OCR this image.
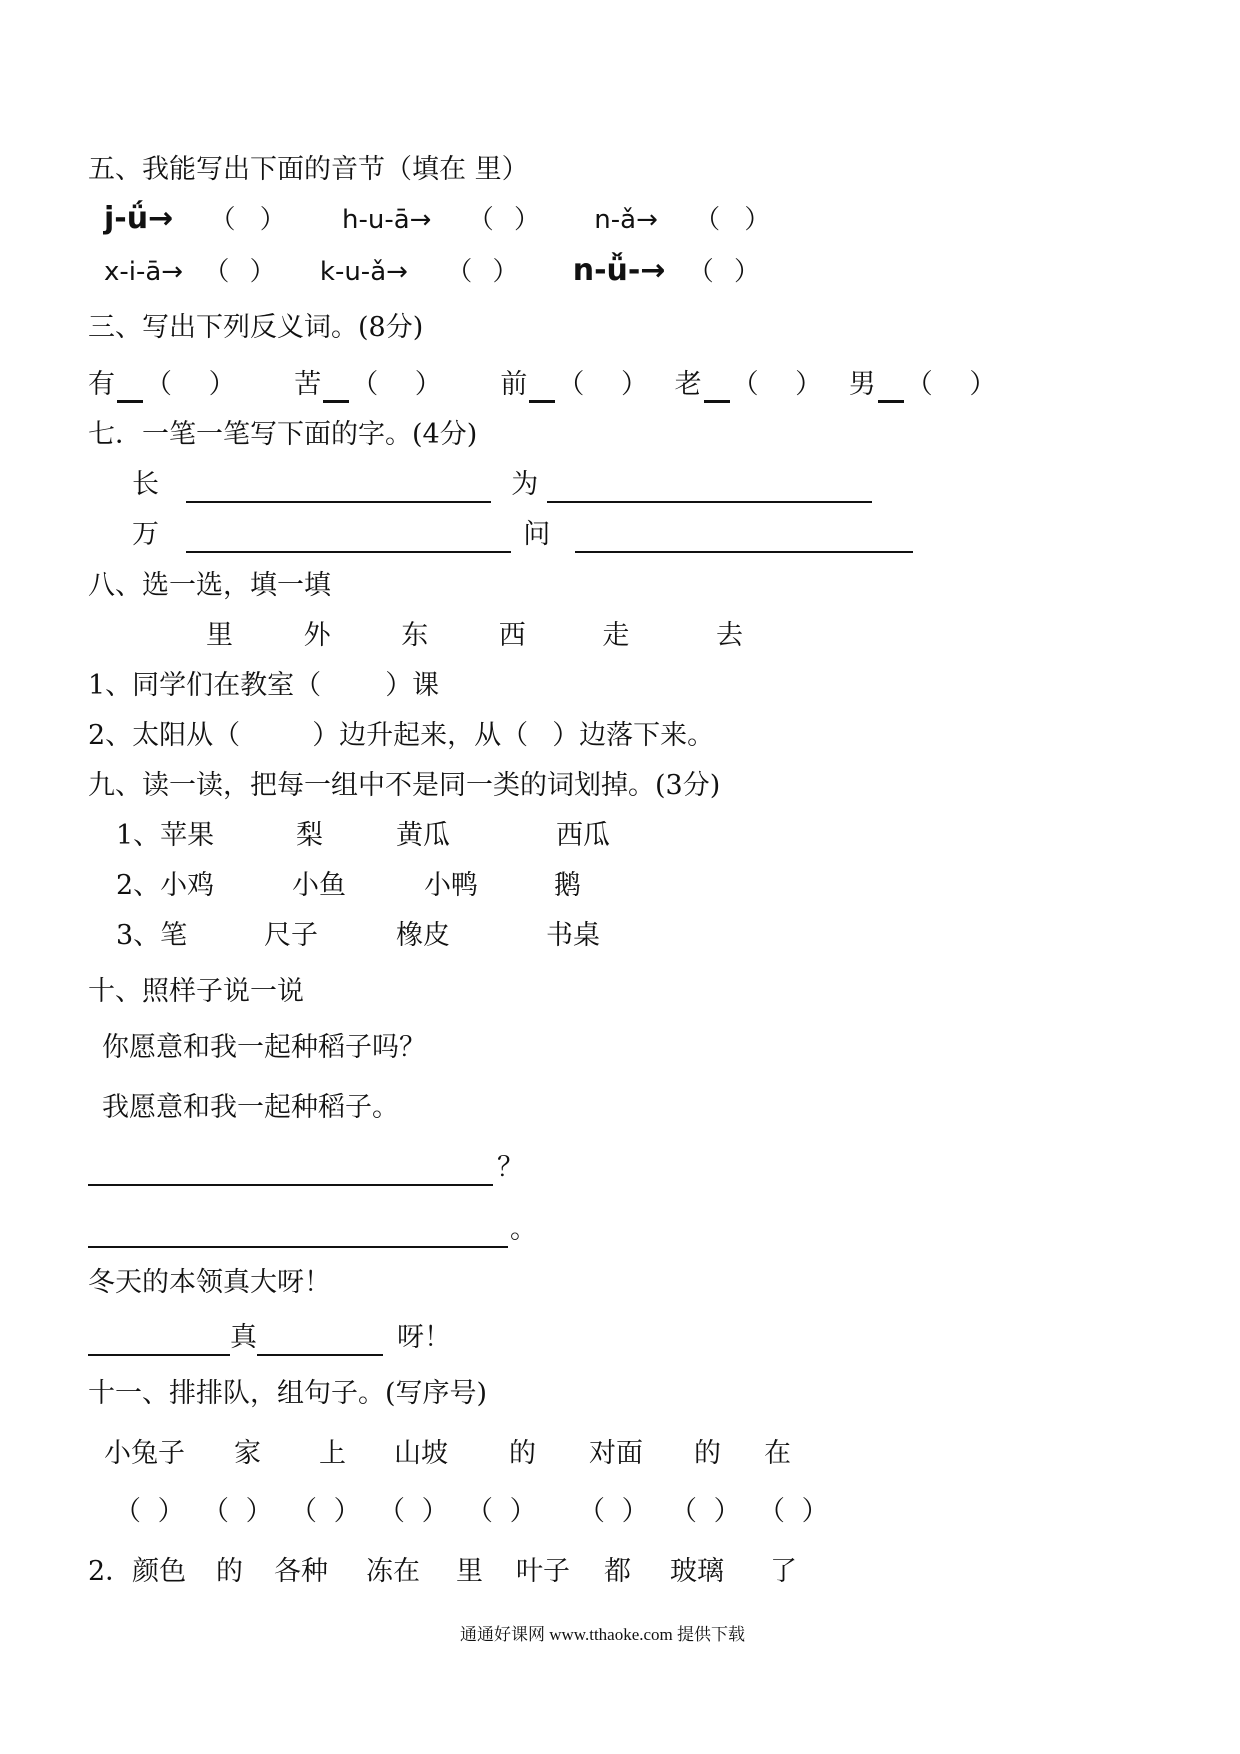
五、我能写出下面的音节（填在 里）
j-ǘ→ （ ） h-u-ā→ （ ） n-ǎ→ （ ）
x-i-ā→ （ ） k-u-ǎ→ （ ） n-ǚ-→ （ ）
三、写出下列反义词。(8分)
有 （ ） 苦 （ ） 前 （ ） 老 （ ） 男 （ ）
七．一笔一笔写下面的字。(4分)
长	为
万	问
八、选一选，填一填
里	外	东	西	走	去
1、同学们在教室（ ）课
2、太阳从（	）边升起来，从（ ）边落下来。
九、读一读，把每一组中不是同一类的词划掉。(3分)
1、苹果	梨	黄瓜	西瓜
2、小鸡	小鱼	小鸭	鹅
3、笔	尺子	橡皮	书桌
十、照样子说一说
你愿意和我一起种稻子吗？
我愿意和我一起种稻子。
？
。
冬天的本领真大呀！
真	呀！
十一、排排队，组句子。(写序号)
小兔子 家 上 山坡 的 对面 的 在
（ ） （ ） （ ） （ ） （ ） （ ） （ ） （ ）
2．颜色 的 各种 冻在 里 叶子 都 玻璃 了
通通好课网 www.tthaoke.com 提供下载
